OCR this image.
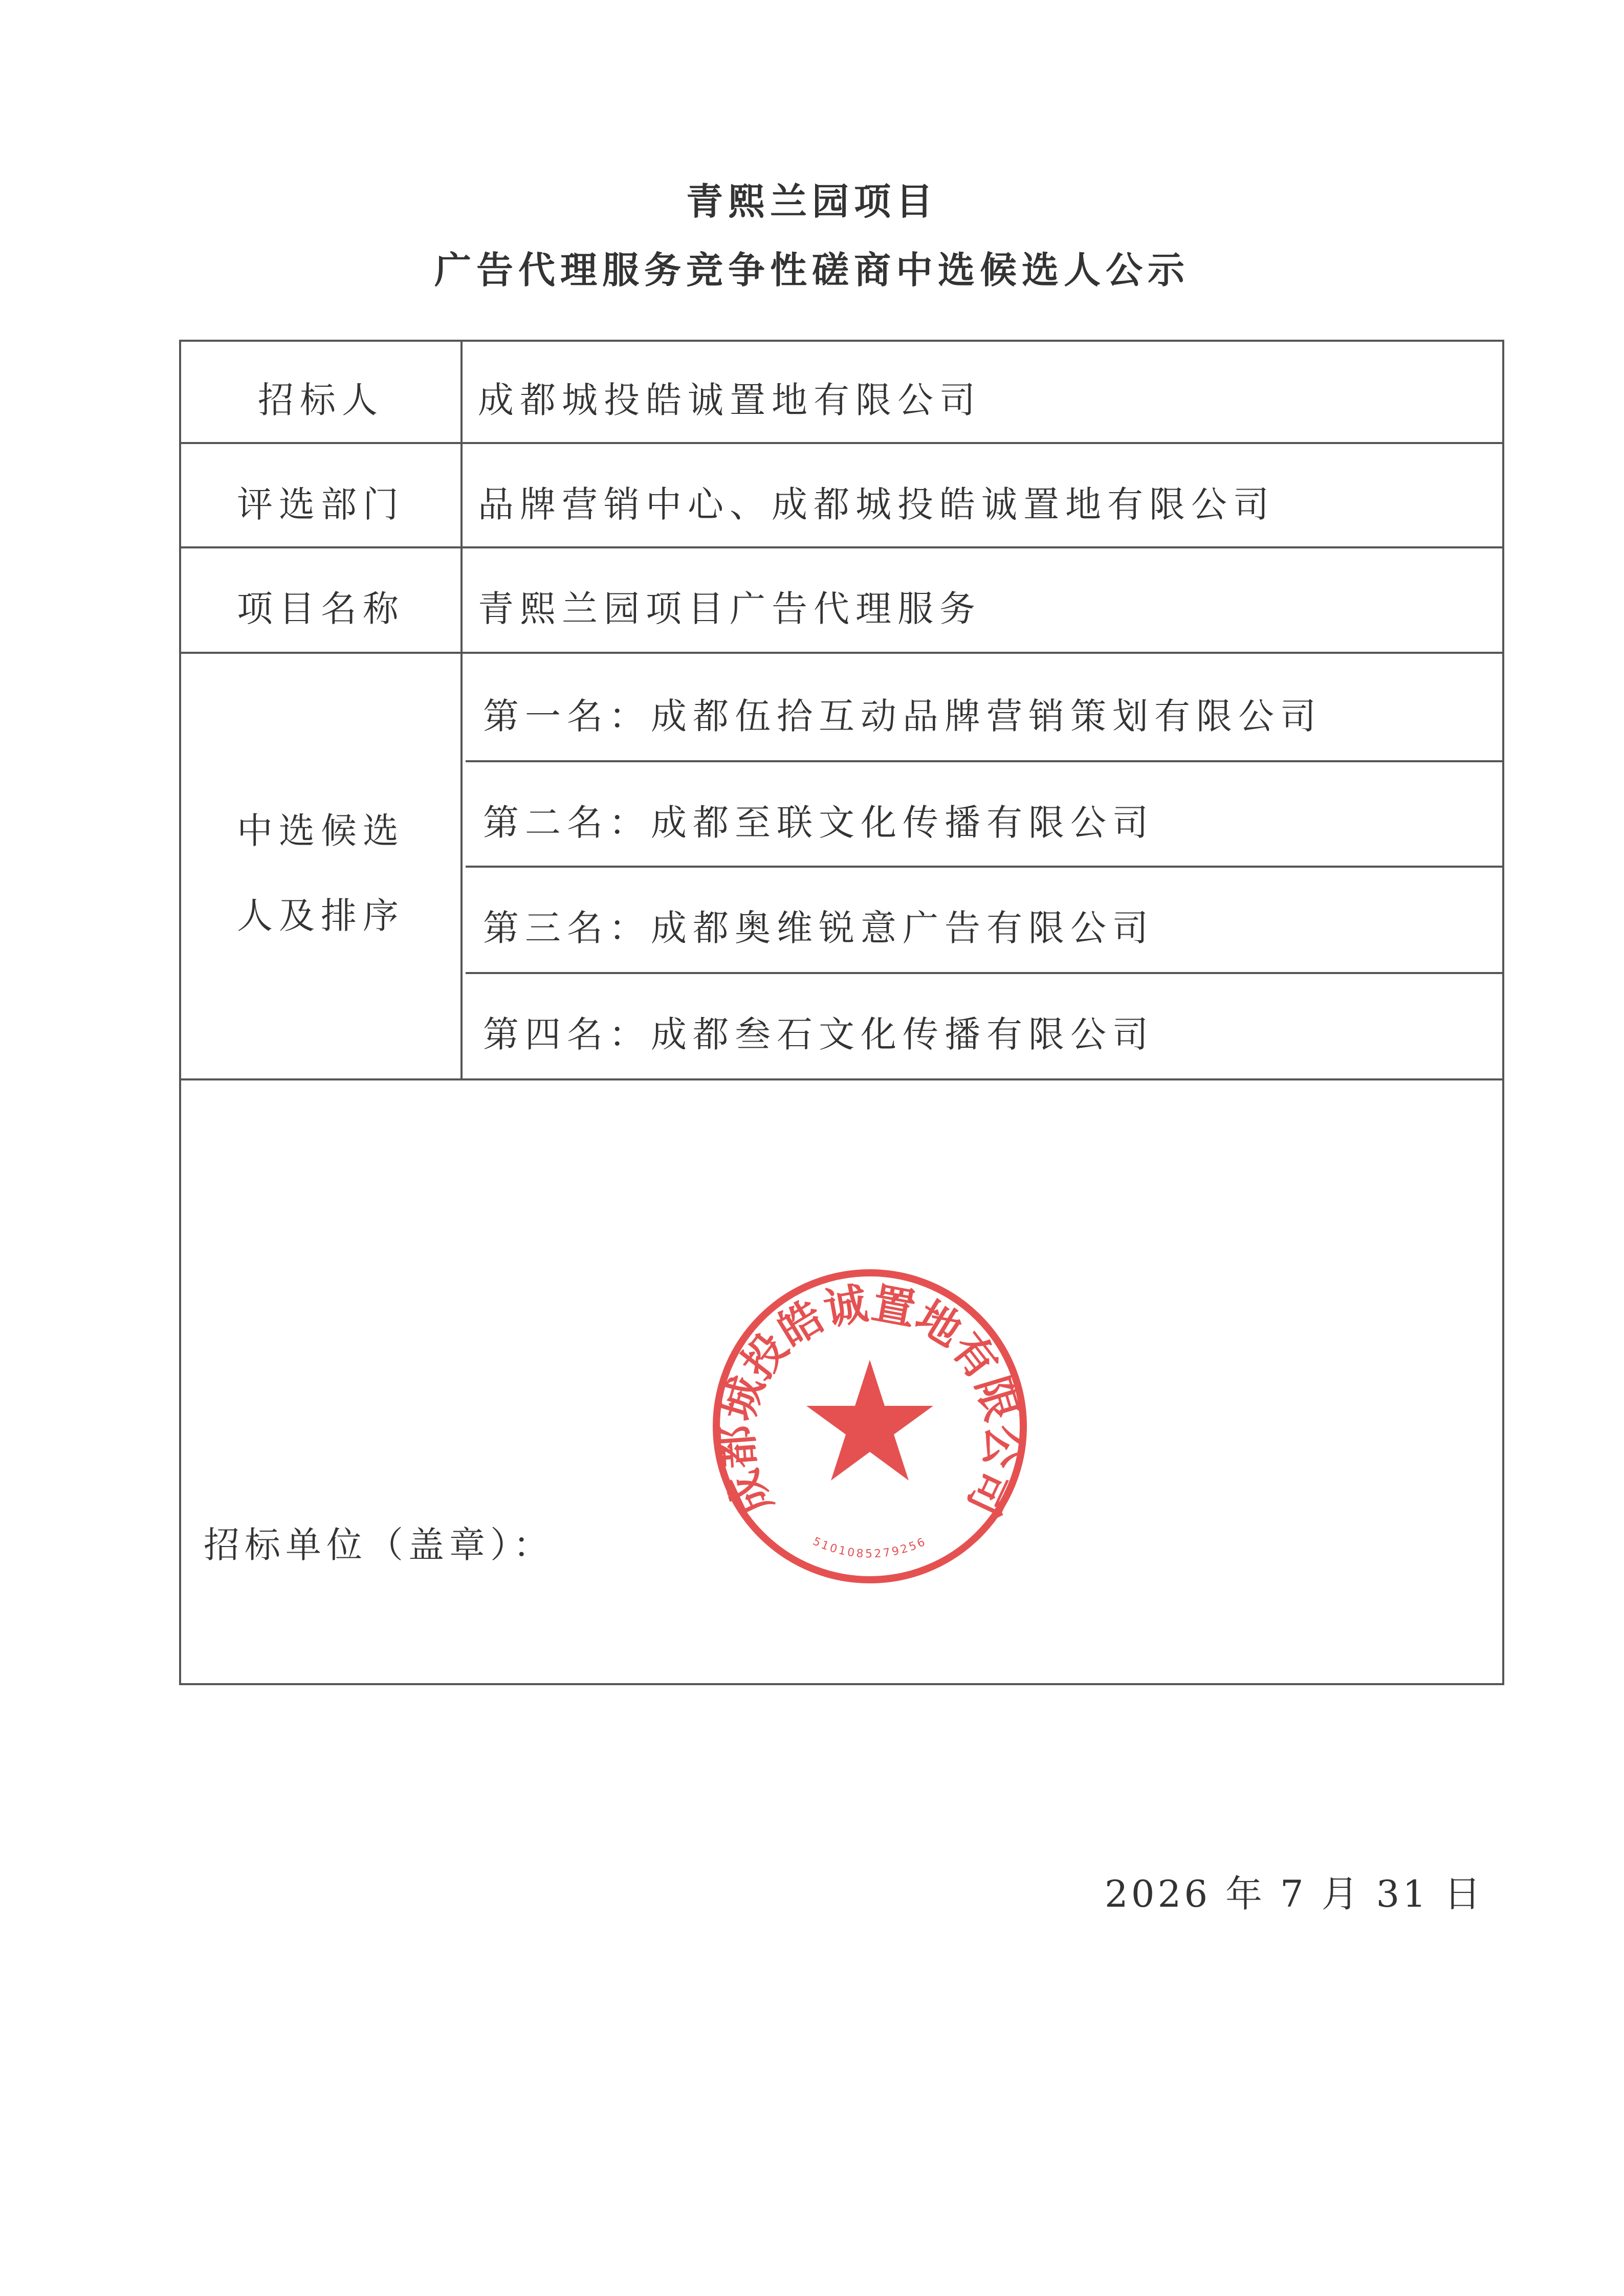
青熙兰园项目
广告代理服务竞争性磋商中选候选人公示
招标人	成都城投皓诚置地有限公司
评选部门	品牌营销中心、成都城投皓诚置地有限公司
项目名称	青熙兰园项目广告代理服务
中选候选
人及排序
第一名：成都伍拾互动品牌营销策划有限公司
第二名：成都至联文化传播有限公司
第三名：成都奥维锐意广告有限公司
第四名：成都叁石文化传播有限公司
招标单位（盖章）：
2026 年 7 月 31 日
成都城投皓诚置地有限公司
5101085279256
